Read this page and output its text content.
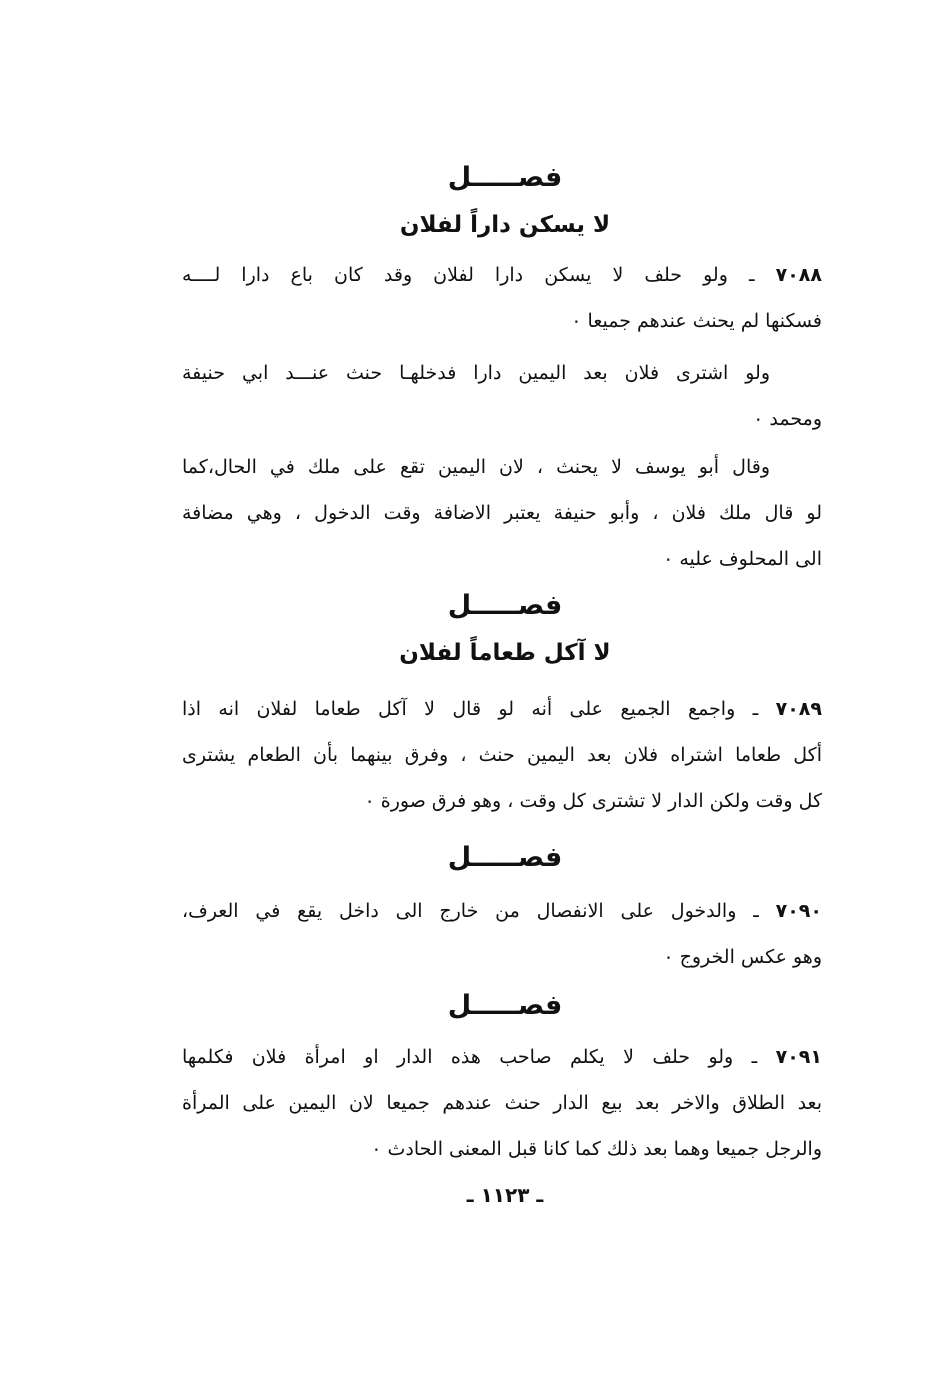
فصـــــل
لا يسكن داراً لفلان
٧٠٨٨ ـ ولو حلف لا يسكن دارا لفلان وقد كان باع دارا لــــه
فسكنها لم يحنث عندهم جميعا ٠
ولو اشترى فلان بعد اليمين دارا فدخلهـا حنث عنـــد ابي حنيفة
ومحمد ٠
وقال أبو يوسف لا يحنث ، لان اليمين تقع على ملك في الحال،كما
لو قال ملك فلان ، وأبو حنيفة يعتبر الاضافة وقت الدخول ، وهي مضافة
الى المحلوف عليه ٠
فصـــــل
لا آكل طعاماً لفلان
٧٠٨٩ ـ واجمع الجميع على أنه لو قال لا آكل طعاما لفلان انه اذا
أكل طعاما اشتراه فلان بعد اليمين حنث ، وفرق بينهما بأن الطعام يشترى
كل وقت ولكن الدار لا تشترى كل وقت ، وهو فرق صورة ٠
فصـــــل
٧٠٩٠ ـ والدخول على الانفصال من خارج الى داخل يقع في العرف،
وهو عكس الخروج ٠
فصـــــل
٧٠٩١ ـ ولو حلف لا يكلم صاحب هذه الدار او امرأة فلان فكلمها
بعد الطلاق والاخر بعد بيع الدار حنث عندهم جميعا لان اليمين على المرأة
والرجل جميعا وهما بعد ذلك كما كانا قبل المعنى الحادث ٠
ـ ١١٢٣ ـ
